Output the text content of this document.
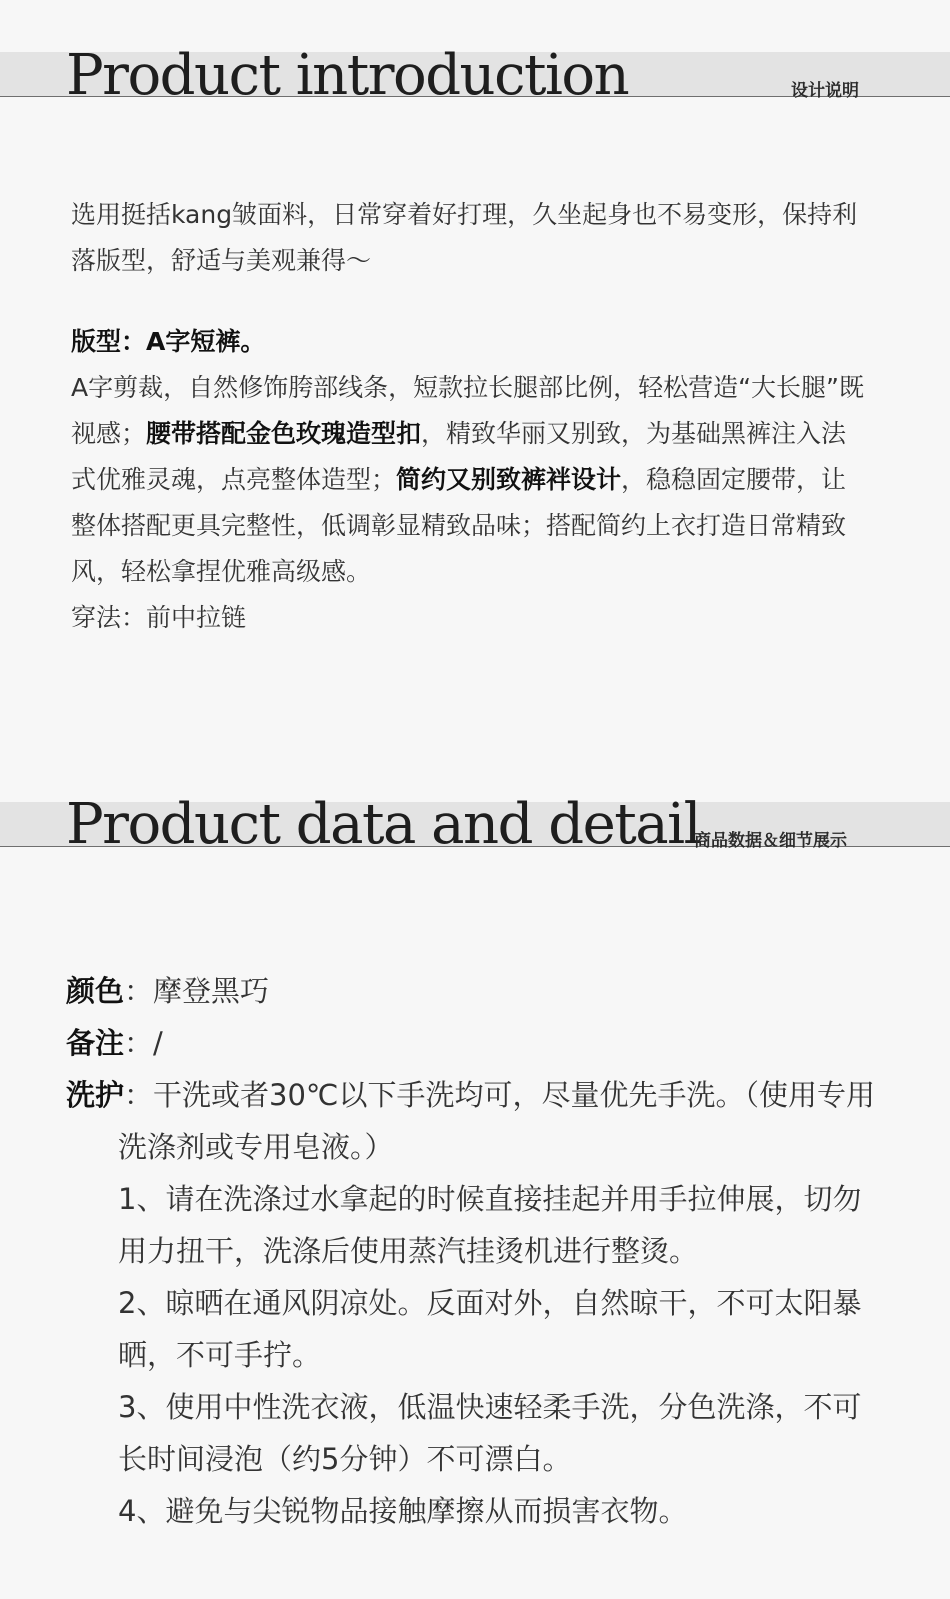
Product introduction	设计说明

选用挺括kang皱面料，日常穿着好打理，久坐起身也不易变形，保持利落版型，舒适与美观兼得～

版型：A字短裤。

A字剪裁，自然修饰胯部线条，短款拉长腿部比例，轻松营造“大长腿”既视感；腰带搭配金色玫瑰造型扣，精致华丽又别致，为基础黑裤注入法式优雅灵魂，点亮整体造型；简约又别致裤袢设计，稳稳固定腰带，让整体搭配更具完整性，低调彰显精致品味；搭配简约上衣打造日常精致风，轻松拿捏优雅高级感。

穿法：前中拉链

Product data and detail
商品数据＆细节展示

颜色：摩登黑巧

备注：/

洗护：干洗或者30℃以下手洗均可，尽量优先手洗。（使用专用洗涤剂或专用皂液。）

1、请在洗涤过水拿起的时候直接挂起并用手拉伸展，切勿用力扭干，洗涤后使用蒸汽挂烫机进行整烫。

2、晾晒在通风阴凉处。反面对外，自然晾干，不可太阳暴晒，不可手拧。

3、使用中性洗衣液，低温快速轻柔手洗，分色洗涤，不可长时间浸泡（约5分钟）不可漂白。

4、避免与尖锐物品接触摩擦从而损害衣物。
